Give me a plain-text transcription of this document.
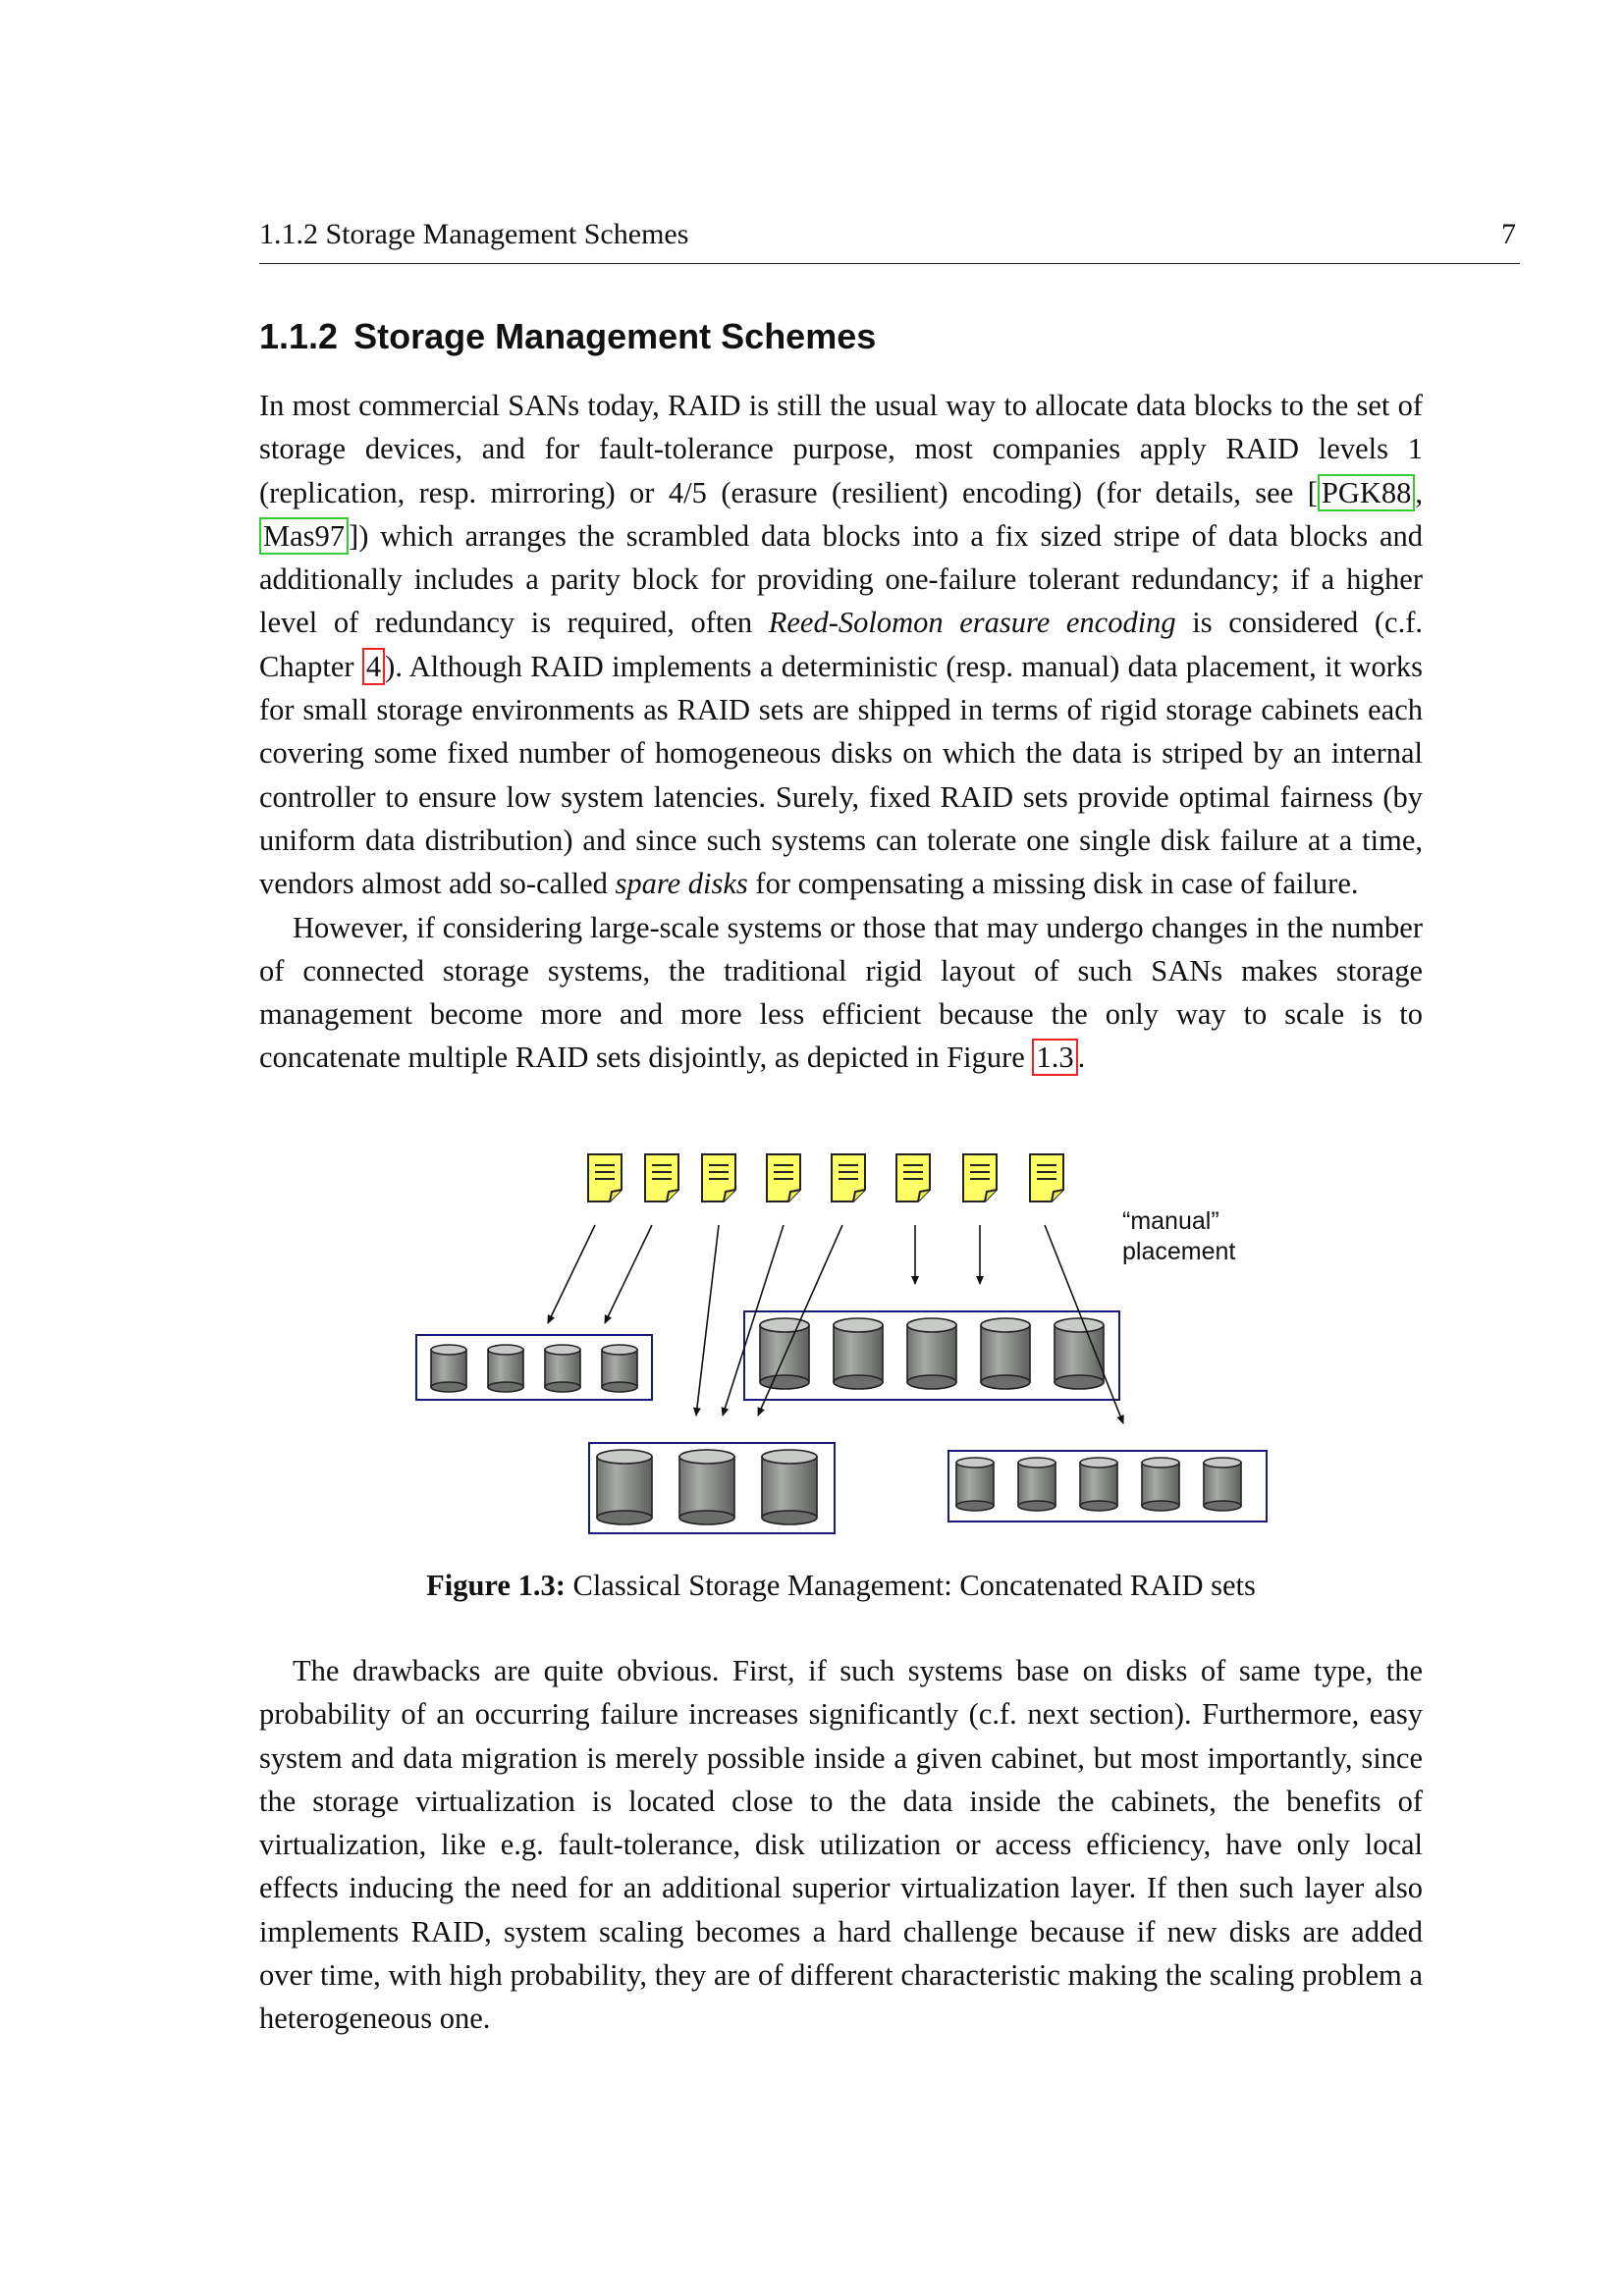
1.1.2 Storage Management Schemes	7
1.1.2 Storage Management Schemes

In most commercial SANs today, RAID is still the usual way to allocate data blocks to the set of storage devices, and for fault-tolerance purpose, most companies apply RAID levels 1 (replication, resp. mirroring) or 4/5 (erasure (resilient) encoding) (for details, see [ PGK88 , Mas97 ]) which arranges the scrambled data blocks into a fix sized stripe of data blocks and additionally includes a parity block for providing one-failure tolerant redundancy; if a higher level of redundancy is required, often Reed-Solomon erasure encoding is considered (c.f. Chapter 4 ). Although RAID implements a deterministic (resp. manual) data placement, it works for small storage environments as RAID sets are shipped in terms of rigid storage cabinets each covering some fixed number of homogeneous disks on which the data is striped by an internal controller to ensure low system latencies. Surely, fixed RAID sets provide optimal fairness (by uniform data distribution) and since such systems can tolerate one single disk failure at a time, vendors almost add so-called spare disks for compensating a missing disk in case of failure.

However, if considering large-scale systems or those that may undergo changes in the number of connected storage systems, the traditional rigid layout of such SANs makes storage management become more and more less efficient because the only way to scale is to concatenate multiple RAID sets disjointly, as depicted in Figure 1.3 .

“manual”
placement
Figure 1.3: Classical Storage Management: Concatenated RAID sets

The drawbacks are quite obvious. First, if such systems base on disks of same type, the probability of an occurring failure increases significantly (c.f. next section). Furthermore, easy system and data migration is merely possible inside a given cabinet, but most importantly, since the storage virtualization is located close to the data inside the cabinets, the benefits of virtualization, like e.g. fault-tolerance, disk utilization or access efficiency, have only local effects inducing the need for an additional superior virtualization layer. If then such layer also implements RAID, system scaling becomes a hard challenge because if new disks are added over time, with high probability, they are of different characteristic making the scaling problem a heterogeneous one.
